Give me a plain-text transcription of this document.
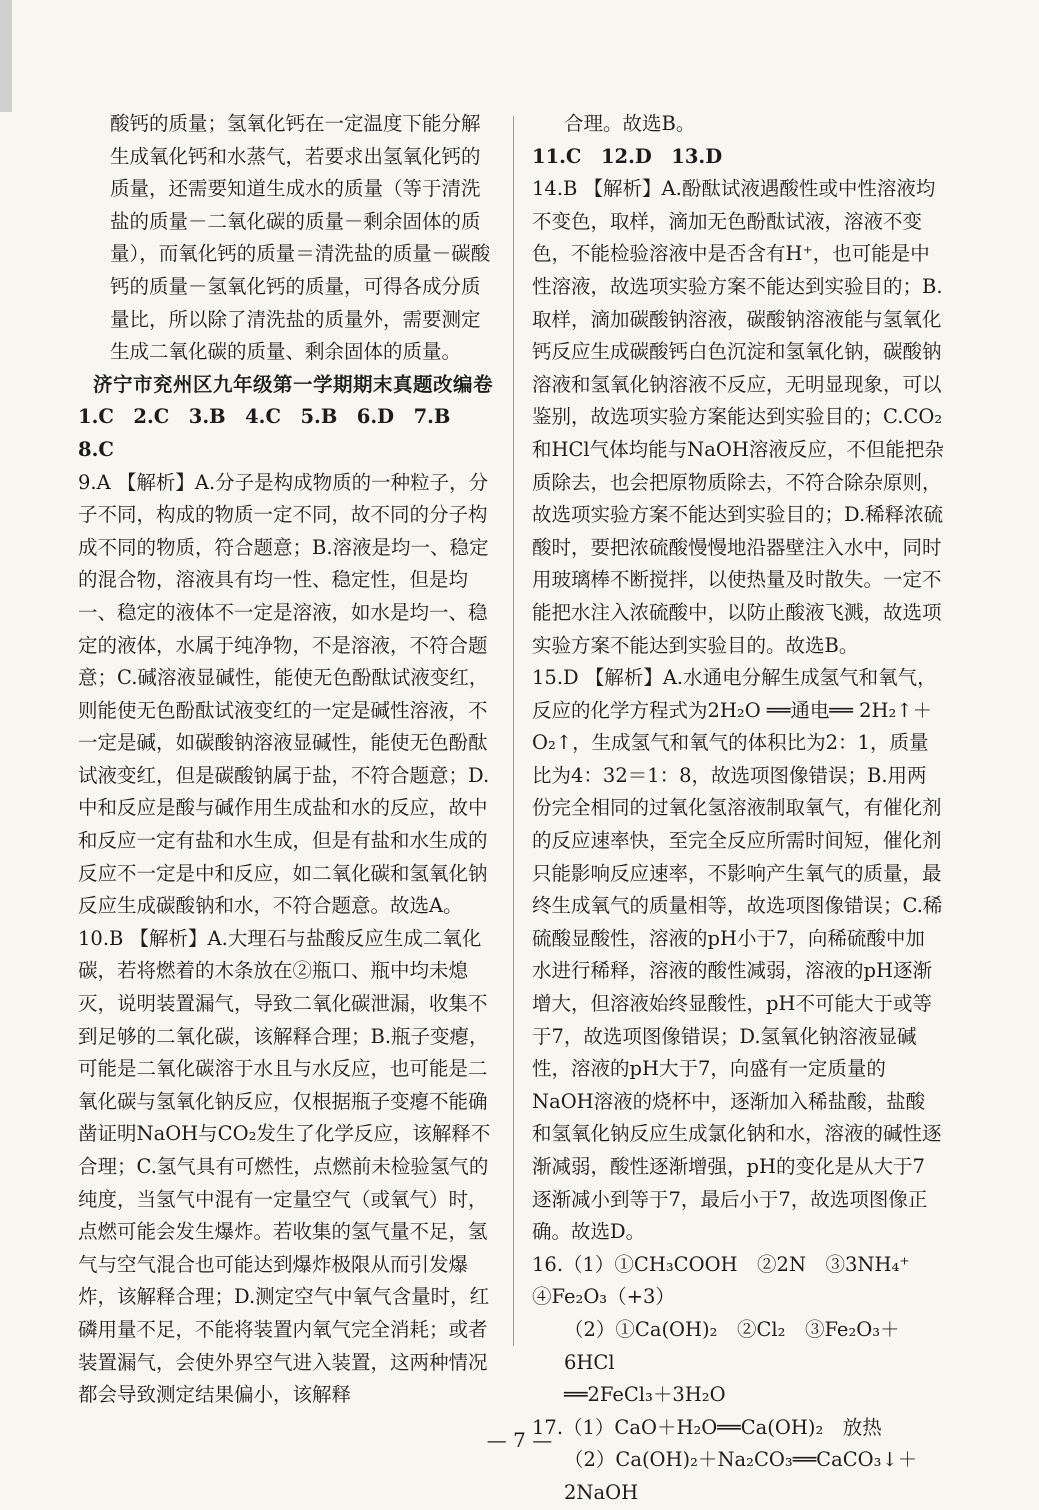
酸钙的质量；氢氧化钙在一定温度下能分解生成氧化钙和水蒸气，若要求出氢氧化钙的质量，还需要知道生成水的质量（等于清洗盐的质量－二氧化碳的质量－剩余固体的质量），而氧化钙的质量＝清洗盐的质量－碳酸钙的质量－氢氧化钙的质量，可得各成分质量比，所以除了清洗盐的质量外，需要测定生成二氧化碳的质量、剩余固体的质量。

济宁市兖州区九年级第一学期期末真题改编卷

1.C　2.C　3.B　4.C　5.B　6.D　7.B　8.C

9.A 【解析】A.分子是构成物质的一种粒子，分子不同，构成的物质一定不同，故不同的分子构成不同的物质，符合题意；B.溶液是均一、稳定的混合物，溶液具有均一性、稳定性，但是均一、稳定的液体不一定是溶液，如水是均一、稳定的液体，水属于纯净物，不是溶液，不符合题意；C.碱溶液显碱性，能使无色酚酞试液变红，则能使无色酚酞试液变红的一定是碱性溶液，不一定是碱，如碳酸钠溶液显碱性，能使无色酚酞试液变红，但是碳酸钠属于盐，不符合题意；D.中和反应是酸与碱作用生成盐和水的反应，故中和反应一定有盐和水生成，但是有盐和水生成的反应不一定是中和反应，如二氧化碳和氢氧化钠反应生成碳酸钠和水，不符合题意。故选A。

10.B 【解析】A.大理石与盐酸反应生成二氧化碳，若将燃着的木条放在②瓶口、瓶中均未熄灭，说明装置漏气，导致二氧化碳泄漏，收集不到足够的二氧化碳，该解释合理；B.瓶子变瘪，可能是二氧化碳溶于水且与水反应，也可能是二氧化碳与氢氧化钠反应，仅根据瓶子变瘪不能确凿证明NaOH与CO₂发生了化学反应，该解释不合理；C.氢气具有可燃性，点燃前未检验氢气的纯度，当氢气中混有一定量空气（或氧气）时，点燃可能会发生爆炸。若收集的氢气量不足，氢气与空气混合也可能达到爆炸极限从而引发爆炸，该解释合理；D.测定空气中氧气含量时，红磷用量不足，不能将装置内氧气完全消耗；或者装置漏气，会使外界空气进入装置，这两种情况都会导致测定结果偏小，该解释

合理。故选B。

11.C　12.D　13.D

14.B 【解析】A.酚酞试液遇酸性或中性溶液均不变色，取样，滴加无色酚酞试液，溶液不变色，不能检验溶液中是否含有H⁺，也可能是中性溶液，故选项实验方案不能达到实验目的；B.取样，滴加碳酸钠溶液，碳酸钠溶液能与氢氧化钙反应生成碳酸钙白色沉淀和氢氧化钠，碳酸钠溶液和氢氧化钠溶液不反应，无明显现象，可以鉴别，故选项实验方案能达到实验目的；C.CO₂和HCl气体均能与NaOH溶液反应，不但能把杂质除去，也会把原物质除去，不符合除杂原则，故选项实验方案不能达到实验目的；D.稀释浓硫酸时，要把浓硫酸慢慢地沿器壁注入水中，同时用玻璃棒不断搅拌，以使热量及时散失。一定不能把水注入浓硫酸中，以防止酸液飞溅，故选项实验方案不能达到实验目的。故选B。

15.D 【解析】A.水通电分解生成氢气和氧气，反应的化学方程式为2H₂O ══通电══ 2H₂↑＋O₂↑，生成氢气和氧气的体积比为2：1，质量比为4：32＝1：8，故选项图像错误；B.用两份完全相同的过氧化氢溶液制取氧气，有催化剂的反应速率快，至完全反应所需时间短，催化剂只能影响反应速率，不影响产生氧气的质量，最终生成氧气的质量相等，故选项图像错误；C.稀硫酸显酸性，溶液的pH小于7，向稀硫酸中加水进行稀释，溶液的酸性减弱，溶液的pH逐渐增大，但溶液始终显酸性，pH不可能大于或等于7，故选项图像错误；D.氢氧化钠溶液显碱性，溶液的pH大于7，向盛有一定质量的NaOH溶液的烧杯中，逐渐加入稀盐酸，盐酸和氢氧化钠反应生成氯化钠和水，溶液的碱性逐渐减弱，酸性逐渐增强，pH的变化是从大于7逐渐减小到等于7，最后小于7，故选项图像正确。故选D。

16.（1）①CH₃COOH　②2N　③3NH₄⁺　④Fe₂O₃（+3）

（2）①Ca(OH)₂　②Cl₂　③Fe₂O₃＋6HCl

══2FeCl₃＋3H₂O

17.（1）CaO＋H₂O══Ca(OH)₂　放热

（2）Ca(OH)₂＋Na₂CO₃══CaCO₃↓＋2NaOH

— 7 —
